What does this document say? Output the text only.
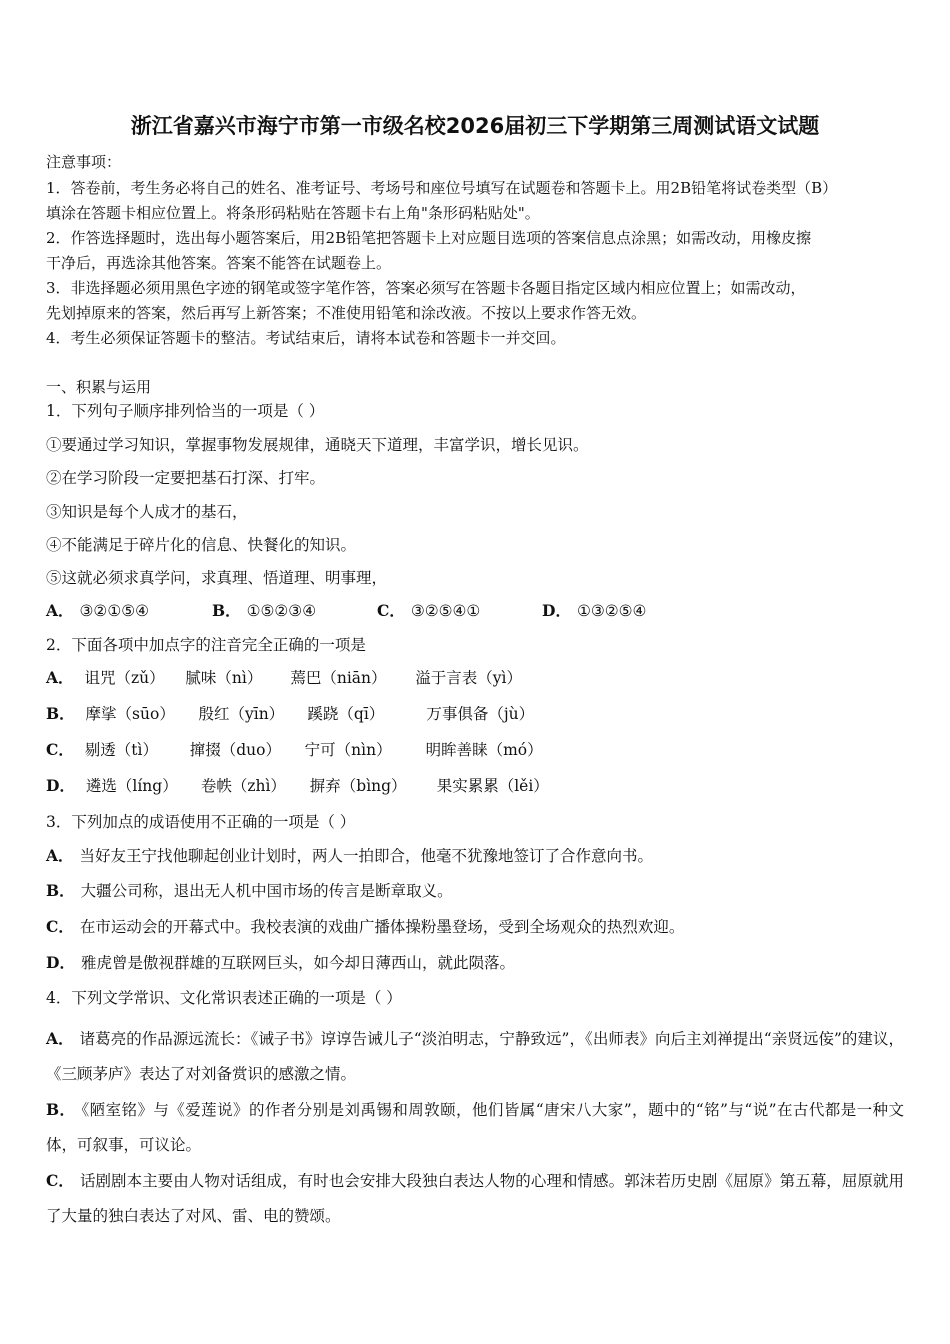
浙江省嘉兴市海宁市第一市级名校2026届初三下学期第三周测试语文试题
注意事项：
1．答卷前，考生务必将自己的姓名、准考证号、考场号和座位号填写在试题卷和答题卡上。用2B铅笔将试卷类型（B）
填涂在答题卡相应位置上。将条形码粘贴在答题卡右上角"条形码粘贴处"。
2．作答选择题时，选出每小题答案后，用2B铅笔把答题卡上对应题目选项的答案信息点涂黑；如需改动，用橡皮擦
干净后，再选涂其他答案。答案不能答在试题卷上。
3．非选择题必须用黑色字迹的钢笔或签字笔作答，答案必须写在答题卡各题目指定区域内相应位置上；如需改动，
先划掉原来的答案，然后再写上新答案；不准使用铅笔和涂改液。不按以上要求作答无效。
4．考生必须保证答题卡的整洁。考试结束后，请将本试卷和答题卡一并交回。
一、积累与运用
1．下列句子顺序排列恰当的一项是（ ）
①要通过学习知识，掌握事物发展规律，通晓天下道理，丰富学识，增长见识。
②在学习阶段一定要把基石打深、打牢。
③知识是每个人成才的基石，
④不能满足于碎片化的信息、快餐化的知识。
⑤这就必须求真学问，求真理、悟道理、明事理，
A． ③②①⑤④	B． ①⑤②③④	C． ③②⑤④①	D． ①③②⑤④
2．下面各项中加点字的注音完全正确的一项是
A． 诅咒（zǔ） 腻味（nì） 蔫巴（niān） 溢于言表（yì）
B． 摩挲（sūo） 殷红（yīn） 蹊跷（qī）	万事俱备（jù）
C． 剔透（tì） 撺掇（duo） 宁可（nìn） 明眸善睐（mó）
D． 遴选（líng） 卷帙（zhì） 摒弃（bìng） 果实累累（lěi）
3．下列加点的成语使用不正确的一项是（ ）
A． 当好友王宁找他聊起创业计划时，两人一拍即合，他毫不犹豫地签订了合作意向书。
B． 大疆公司称，退出无人机中国市场的传言是断章取义。
C． 在市运动会的开幕式中。我校表演的戏曲广播体操粉墨登场，受到全场观众的热烈欢迎。
D． 雅虎曾是傲视群雄的互联网巨头，如今却日薄西山，就此陨落。
4．下列文学常识、文化常识表述正确的一项是（ ）
A． 诸葛亮的作品源远流长：《诫子书》谆谆告诫儿子“淡泊明志，宁静致远”，《出师表》向后主刘禅提出“亲贤远侫”的建议，《三顾茅庐》表达了对刘备赏识的感激之情。
B． 《陋室铭》与《爱莲说》的作者分别是刘禹锡和周敦颐，他们皆属“唐宋八大家”，题中的“铭”与“说”在古代都是一种文体，可叙事，可议论。
C． 话剧剧本主要由人物对话组成，有时也会安排大段独白表达人物的心理和情感。郭沫若历史剧《屈原》第五幕，屈原就用了大量的独白表达了对风、雷、电的赞颂。
